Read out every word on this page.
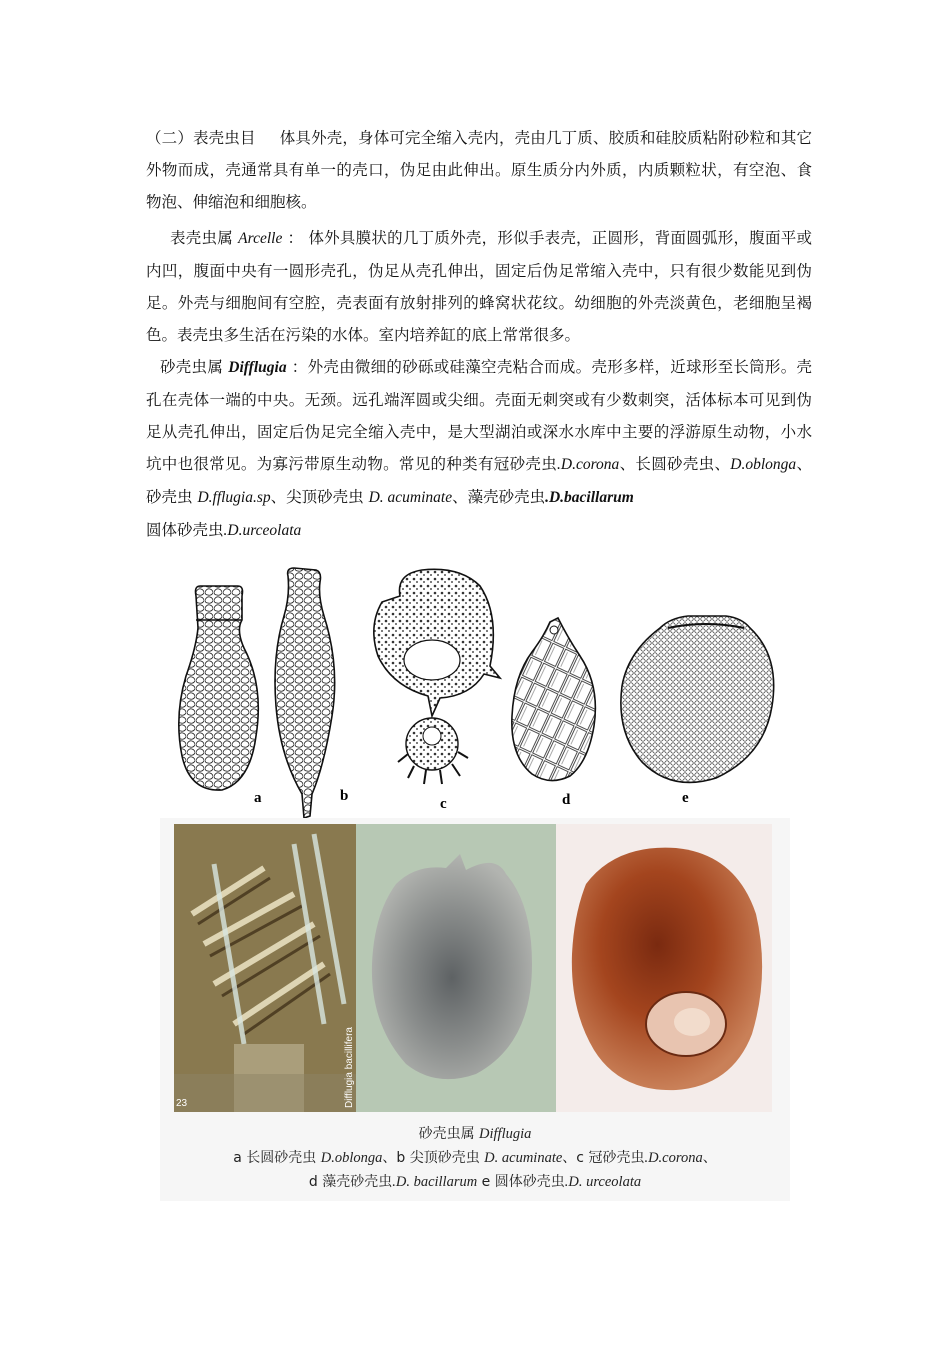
（二）表壳虫目 体具外壳，身体可完全缩入壳内，壳由几丁质、胶质和硅胶质粘附砂粒和其它外物而成，壳通常具有单一的壳口，伪足由此伸出。原生质分内外质，内质颗粒状，有空泡、食物泡、伸缩泡和细胞核。

表壳虫属 Arcelle ： 体外具膜状的几丁质外壳，形似手表壳，正圆形，背面圆弧形，腹面平或内凹，腹面中央有一圆形壳孔，伪足从壳孔伸出，固定后伪足常缩入壳中，只有很少数能见到伪足。外壳与细胞间有空腔，壳表面有放射排列的蜂窝状花纹。幼细胞的外壳淡黄色，老细胞呈褐色。表壳虫多生活在污染的水体。室内培养缸的底上常常很多。

砂壳虫属 Difflugia ：外壳由微细的砂砾或硅藻空壳粘合而成。壳形多样，近球形至长筒形。壳孔在壳体一端的中央。无颈。远孔端浑圆或尖细。壳面无刺突或有少数刺突，活体标本可见到伪足从壳孔伸出，固定后伪足完全缩入壳中，是大型湖泊或深水水库中主要的浮游原生动物，小水坑中也很常见。为寡污带原生动物。常见的种类有冠砂壳虫.D.corona、长圆砂壳虫、D.oblonga、砂壳虫 D.fflugia.sp、尖顶砂壳虫 D. acuminate、藻壳砂壳虫.D.bacillarum
圆体砂壳虫.D.urceolata

a	b	c	d	e
Difflugia bacillifera
23
砂壳虫属 Difflugia
a 长圆砂壳虫 D.oblonga、b 尖顶砂壳虫 D. acuminate、c 冠砂壳虫.D.corona、
d 藻壳砂壳虫.D. bacillarum e 圆体砂壳虫.D. urceolata
